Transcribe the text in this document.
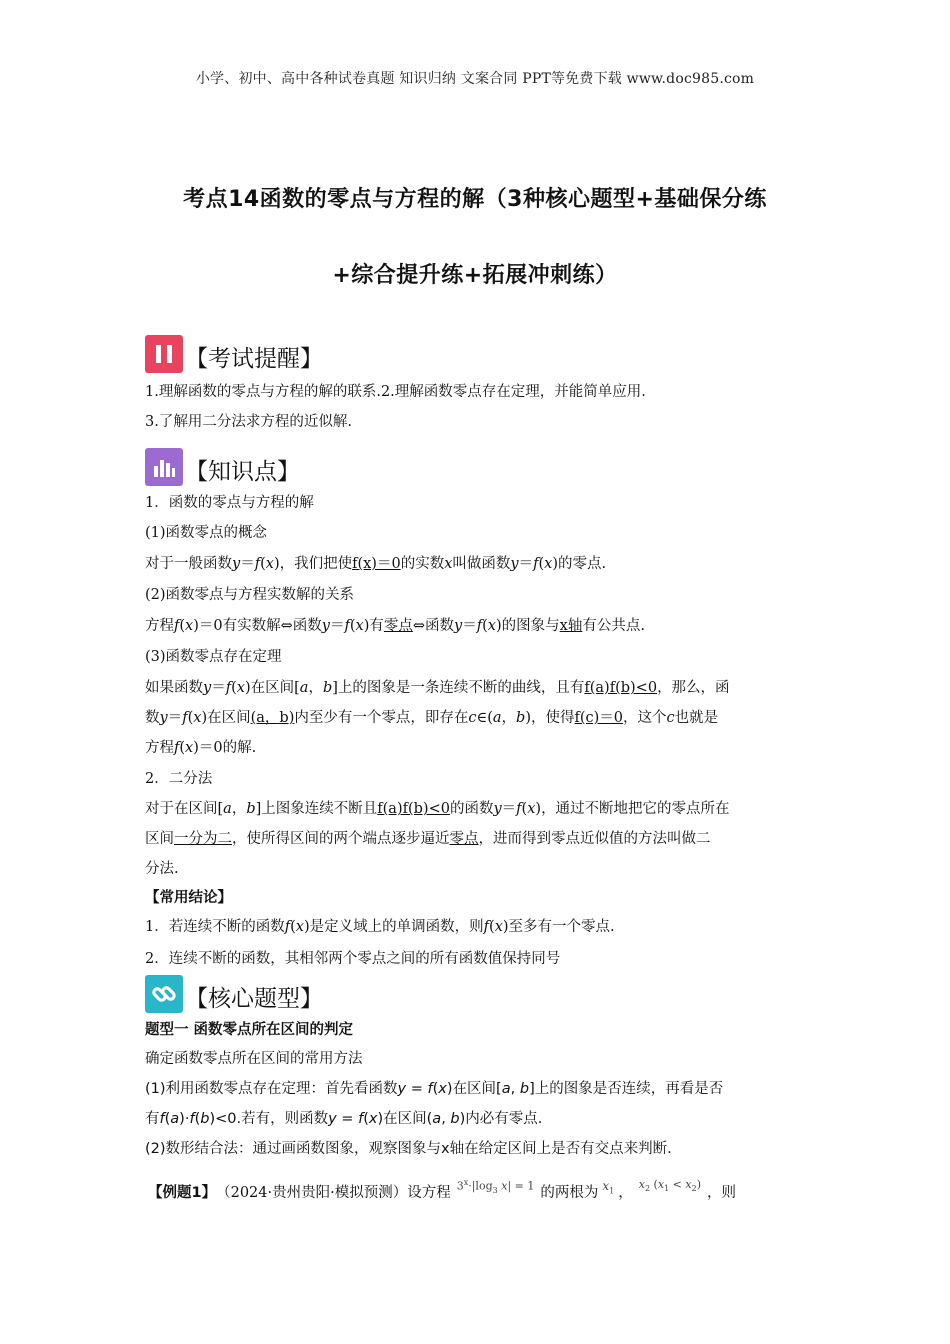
小学、初中、高中各种试卷真题 知识归纳 文案合同 PPT等免费下载 www.doc985.com
考点14函数的零点与方程的解（3种核心题型+基础保分练
+综合提升练+拓展冲刺练）
【考试提醒】
1.理解函数的零点与方程的解的联系.2.理解函数零点存在定理，并能简单应用.
3.了解用二分法求方程的近似解.
【知识点】
1．函数的零点与方程的解
(1)函数零点的概念
对于一般函数y＝f(x)，我们把使f(x)＝0的实数x叫做函数y＝f(x)的零点.
(2)函数零点与方程实数解的关系
方程f(x)＝0有实数解⇔函数y＝f(x)有零点⇔函数y＝f(x)的图象与x轴有公共点.
(3)函数零点存在定理
如果函数y＝f(x)在区间[a，b]上的图象是一条连续不断的曲线，且有f(a)f(b)<0，那么，函
数y＝f(x)在区间(a，b)内至少有一个零点，即存在c∈(a，b)，使得f(c)＝0，这个c也就是
方程f(x)＝0的解.
2．二分法
对于在区间[a，b]上图象连续不断且f(a)f(b)<0的函数y＝f(x)，通过不断地把它的零点所在
区间一分为二，使所得区间的两个端点逐步逼近零点，进而得到零点近似值的方法叫做二
分法.
【常用结论】
1．若连续不断的函数f(x)是定义域上的单调函数，则f(x)至多有一个零点.
2．连续不断的函数，其相邻两个零点之间的所有函数值保持同号
【核心题型】
题型一 函数零点所在区间的判定
确定函数零点所在区间的常用方法
(1)利用函数零点存在定理：首先看函数y = f(x)在区间[a, b]上的图象是否连续，再看是否
有f(a)·f(b)<0.若有，则函数y = f(x)在区间(a, b)内必有零点.
(2)数形结合法：通过画函数图象，观察图象与x轴在给定区间上是否有交点来判断.
【例题1】 （2024·贵州贵阳·模拟预测）设方程 $3^x\cdot|\log_3$ x| = 1 的两根为 $x_1$ ，
$x_2$ $(x_1 < x_2)$
，则
